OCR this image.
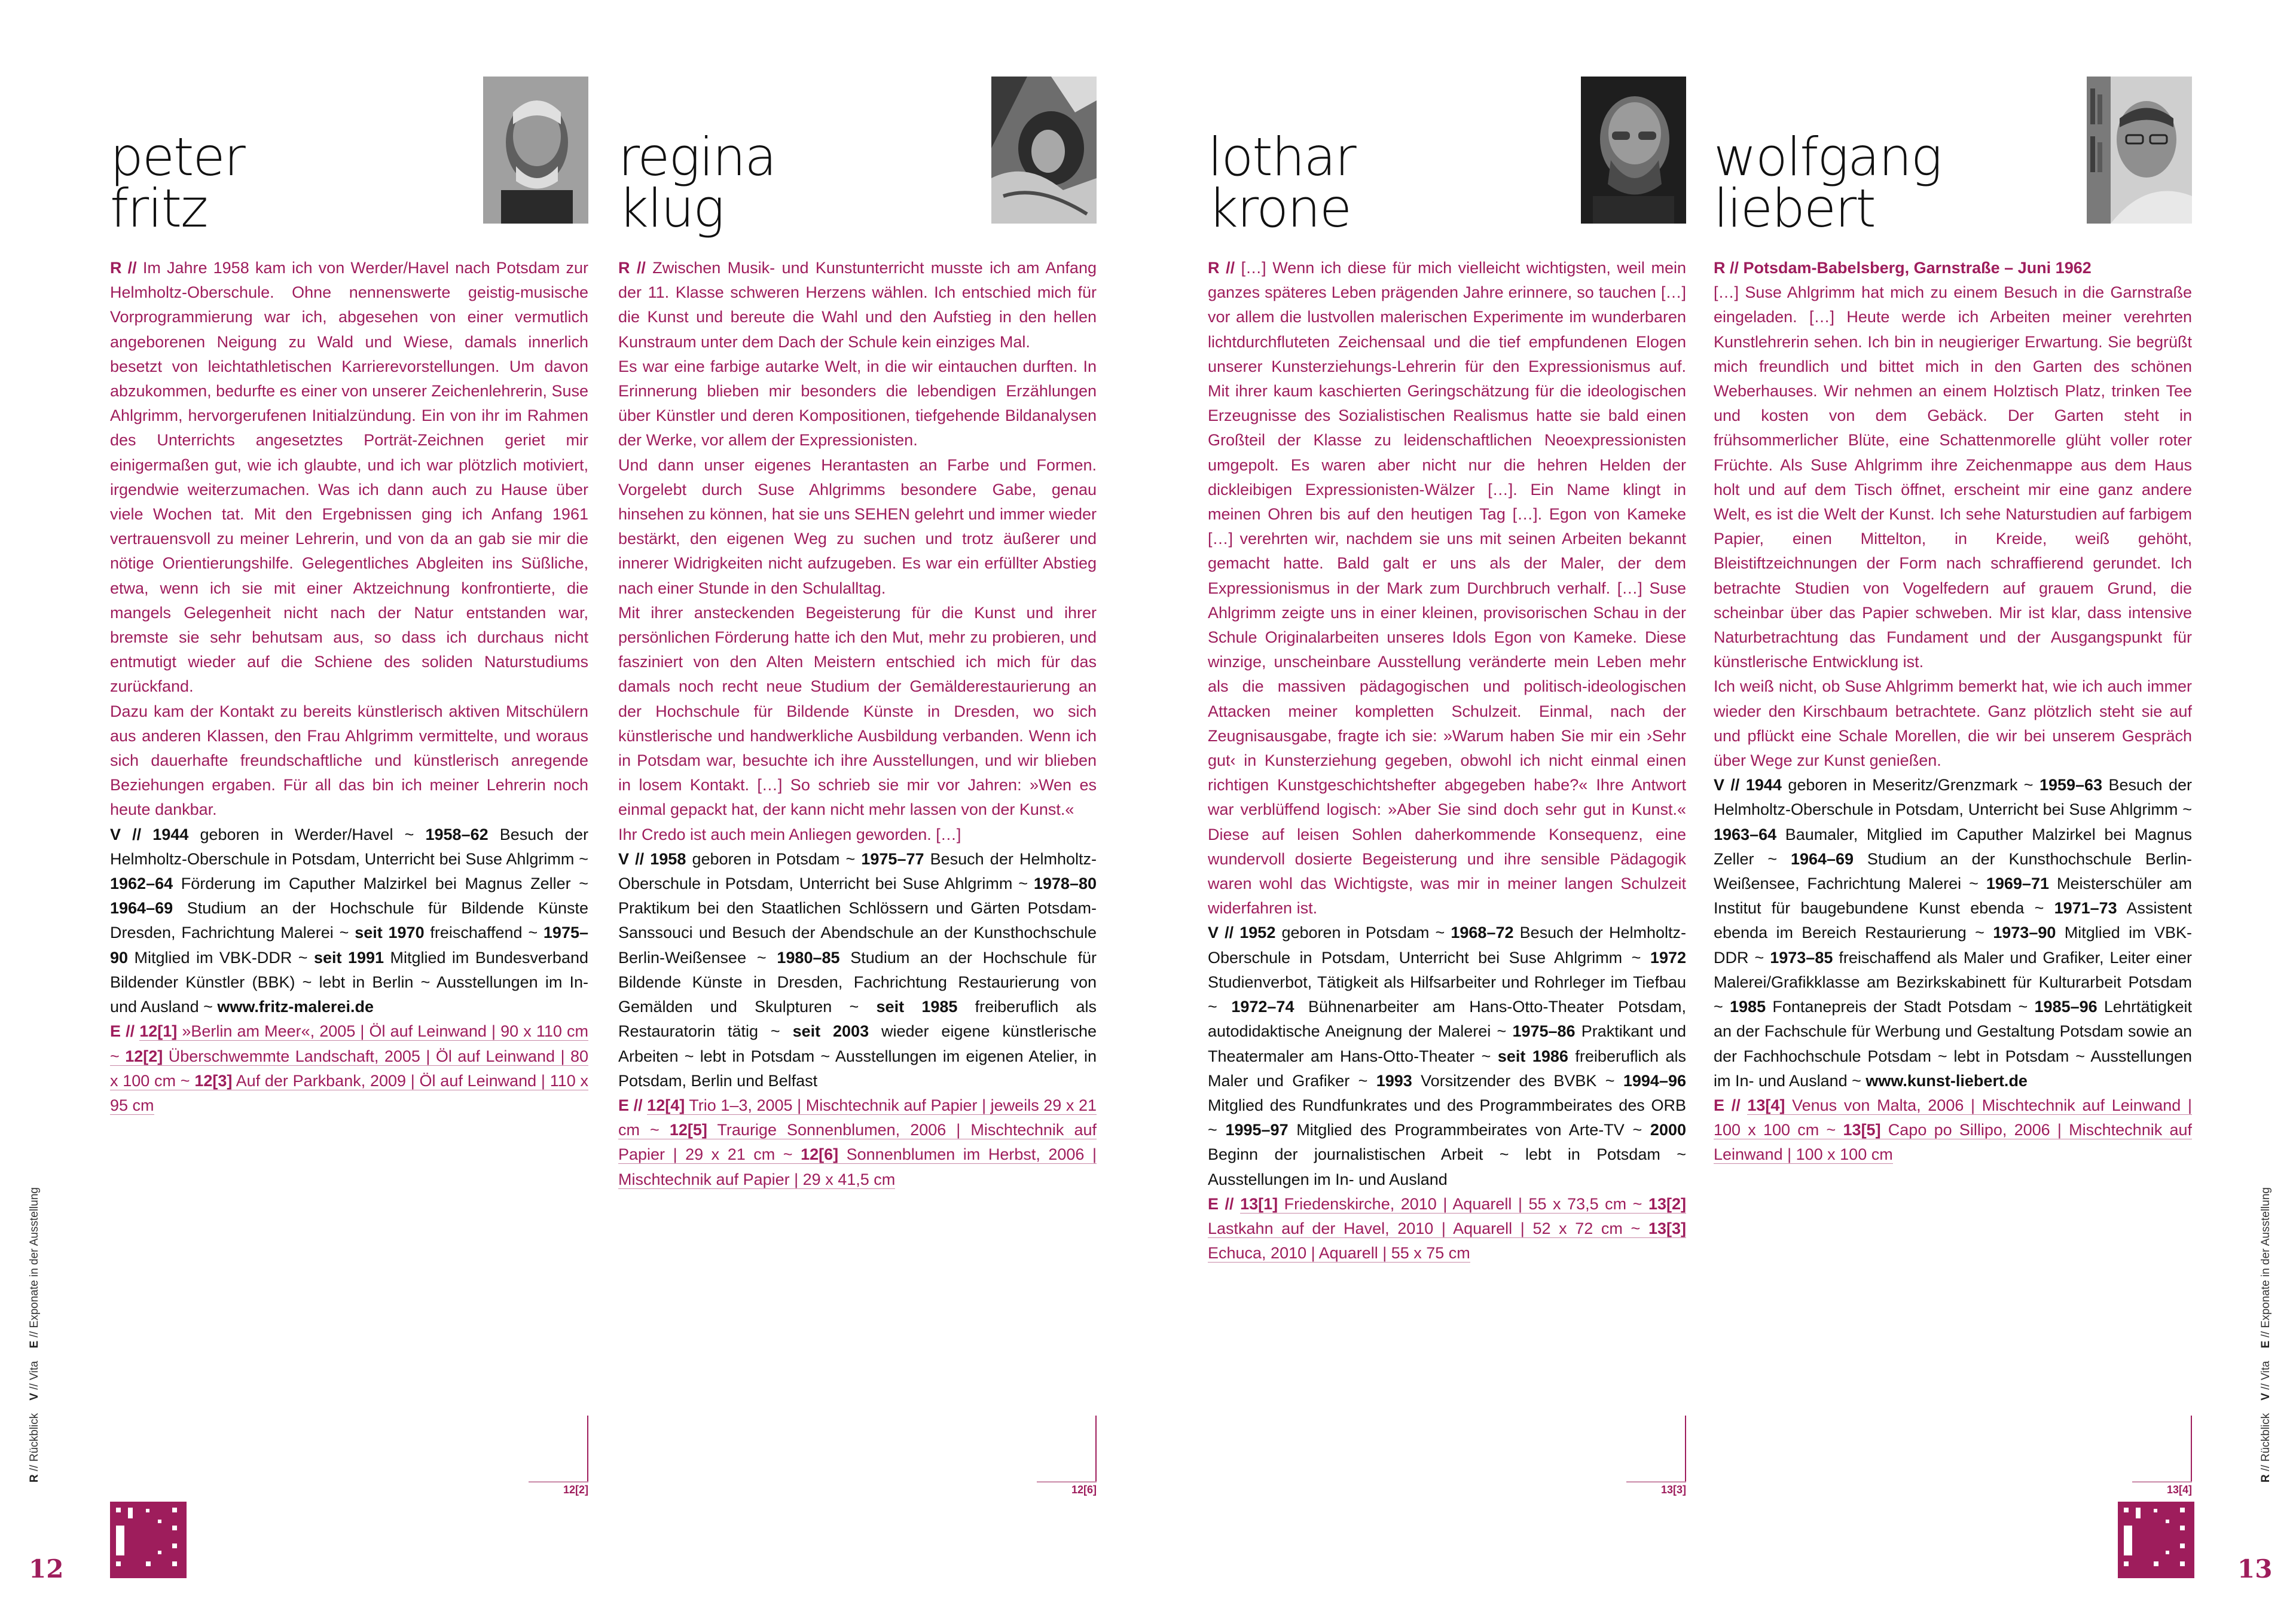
peter
fritz

R // Im Jahre 1958 kam ich von Werder/Havel nach Potsdam zur Helmholtz-Oberschule. Ohne nennenswerte geistig-musische Vorprogrammierung war ich, abgesehen von einer vermutlich angeborenen Neigung zu Wald und Wiese, damals innerlich besetzt von leichtathletischen Karrierevorstellungen. Um davon abzukommen, bedurfte es einer von unserer Zeichenlehrerin, Suse Ahlgrimm, hervorgerufenen Initialzündung. Ein von ihr im Rahmen des Unterrichts angesetztes Porträt-Zeichnen geriet mir einigermaßen gut, wie ich glaubte, und ich war plötzlich motiviert, irgendwie weiterzumachen. Was ich dann auch zu Hause über viele Wochen tat. Mit den Ergebnissen ging ich Anfang 1961 vertrauensvoll zu meiner Lehrerin, und von da an gab sie mir die nötige Orientierungshilfe. Gelegentliches Abgleiten ins Süßliche, etwa, wenn ich sie mit einer Aktzeichnung konfrontierte, die mangels Gelegenheit nicht nach der Natur entstanden war, bremste sie sehr behutsam aus, so dass ich durchaus nicht entmutigt wieder auf die Schiene des soliden Naturstudiums zurückfand.

Dazu kam der Kontakt zu bereits künstlerisch aktiven Mitschülern aus anderen Klassen, den Frau Ahlgrimm vermittelte, und woraus sich dauerhafte freundschaftliche und künstlerisch anregende Beziehungen ergaben. Für all das bin ich meiner Lehrerin noch heute dankbar.

V // 1944 geboren in Werder/Havel ~ 1958–62 Besuch der Helmholtz-Oberschule in Potsdam, Unterricht bei Suse Ahlgrimm ~ 1962–64 Förderung im Caputher Malzirkel bei Magnus Zeller ~ 1964–69 Studium an der Hochschule für Bildende Künste Dresden, Fachrichtung Malerei ~ seit 1970 freischaffend ~ 1975–90 Mitglied im VBK-DDR ~ seit 1991 Mitglied im Bundesverband Bildender Künstler (BBK) ~ lebt in Berlin ~ Ausstellungen im In- und Ausland ~ www.fritz-malerei.de

E // 12[1] »Berlin am Meer«, 2005 | Öl auf Leinwand | 90 x 110 cm ~ 12[2] Überschwemmte Landschaft, 2005 | Öl auf Leinwand | 80 x 100 cm ~ 12[3] Auf der Parkbank, 2009 | Öl auf Leinwand | 110 x 95 cm

regina
klug

R // Zwischen Musik- und Kunstunterricht musste ich am Anfang der 11. Klasse schweren Herzens wählen. Ich entschied mich für die Kunst und bereute die Wahl und den Aufstieg in den hellen Kunstraum unter dem Dach der Schule kein einziges Mal.

Es war eine farbige autarke Welt, in die wir eintauchen durften. In Erinnerung blieben mir besonders die lebendigen Erzählungen über Künstler und deren Kompositionen, tiefgehende Bildanalysen der Werke, vor allem der Expressionisten.

Und dann unser eigenes Herantasten an Farbe und Formen. Vorgelebt durch Suse Ahlgrimms besondere Gabe, genau hinsehen zu können, hat sie uns SEHEN gelehrt und immer wieder bestärkt, den eigenen Weg zu suchen und trotz äußerer und innerer Widrigkeiten nicht aufzugeben. Es war ein erfüllter Abstieg nach einer Stunde in den Schulalltag.

Mit ihrer ansteckenden Begeisterung für die Kunst und ihrer persönlichen Förderung hatte ich den Mut, mehr zu probieren, und fasziniert von den Alten Meistern entschied ich mich für das damals noch recht neue Studium der Gemälderestaurierung an der Hochschule für Bildende Künste in Dresden, wo sich künstlerische und handwerkliche Ausbildung verbanden. Wenn ich in Potsdam war, besuchte ich ihre Ausstellungen, und wir blieben in losem Kontakt. […] So schrieb sie mir vor Jahren: »Wen es einmal gepackt hat, der kann nicht mehr lassen von der Kunst.«

Ihr Credo ist auch mein Anliegen geworden. […]

V // 1958 geboren in Potsdam ~ 1975–77 Besuch der Helmholtz-Oberschule in Potsdam, Unterricht bei Suse Ahlgrimm ~ 1978–80 Praktikum bei den Staatlichen Schlössern und Gärten Potsdam-Sanssouci und Besuch der Abendschule an der Kunsthochschule Berlin-Weißensee ~ 1980–85 Studium an der Hochschule für Bildende Künste in Dresden, Fachrichtung Restaurierung von Gemälden und Skulpturen ~ seit 1985 freiberuflich als Restauratorin tätig ~ seit 2003 wieder eigene künstlerische Arbeiten ~ lebt in Potsdam ~ Ausstellungen im eigenen Atelier, in Potsdam, Berlin und Belfast

E // 12[4] Trio 1–3, 2005 | Mischtechnik auf Papier | jeweils 29 x 21 cm ~ 12[5] Traurige Sonnenblumen, 2006 | Mischtechnik auf Papier | 29 x 21 cm ~ 12[6] Sonnenblumen im Herbst, 2006 | Mischtechnik auf Papier | 29 x 41,5 cm

lothar
krone

R // […] Wenn ich diese für mich vielleicht wichtigsten, weil mein ganzes späteres Leben prägenden Jahre erinnere, so tauchen […] vor allem die lustvollen malerischen Experimente im wunderbaren lichtdurchfluteten Zeichensaal und die tief empfundenen Elogen unserer Kunsterziehungs-Lehrerin für den Expressionismus auf. Mit ihrer kaum kaschierten Geringschätzung für die ideologischen Erzeugnisse des Sozialistischen Realismus hatte sie bald einen Großteil der Klasse zu leidenschaftlichen Neoexpressionisten umgepolt. Es waren aber nicht nur die hehren Helden der dickleibigen Expressionisten-Wälzer […]. Ein Name klingt in meinen Ohren bis auf den heutigen Tag […]. Egon von Kameke […] verehrten wir, nachdem sie uns mit seinen Arbeiten bekannt gemacht hatte. Bald galt er uns als der Maler, der dem Expressionismus in der Mark zum Durchbruch verhalf. […] Suse Ahlgrimm zeigte uns in einer kleinen, provisorischen Schau in der Schule Originalarbeiten unseres Idols Egon von Kameke. Diese winzige, unscheinbare Ausstellung veränderte mein Leben mehr als die massiven pädagogischen und politisch-ideologischen Attacken meiner kompletten Schulzeit. Einmal, nach der Zeugnisausgabe, fragte ich sie: »Warum haben Sie mir ein ›Sehr gut‹ in Kunsterziehung gegeben, obwohl ich nicht einmal einen richtigen Kunstgeschichtshefter abgegeben habe?« Ihre Antwort war verblüffend logisch: »Aber Sie sind doch sehr gut in Kunst.« Diese auf leisen Sohlen daherkommende Konsequenz, eine wundervoll dosierte Begeisterung und ihre sensible Pädagogik waren wohl das Wichtigste, was mir in meiner langen Schulzeit widerfahren ist.

V // 1952 geboren in Potsdam ~ 1968–72 Besuch der Helmholtz-Oberschule in Potsdam, Unterricht bei Suse Ahlgrimm ~ 1972 Studienverbot, Tätigkeit als Hilfsarbeiter und Rohrleger im Tiefbau ~ 1972–74 Bühnenarbeiter am Hans-Otto-Theater Potsdam, autodidaktische Aneignung der Malerei ~ 1975–86 Praktikant und Theatermaler am Hans-Otto-Theater ~ seit 1986 freiberuflich als Maler und Grafiker ~ 1993 Vorsitzender des BVBK ~ 1994–96 Mitglied des Rundfunkrates und des Programmbeirates des ORB ~ 1995–97 Mitglied des Programmbeirates von Arte-TV ~ 2000 Beginn der journalistischen Arbeit ~ lebt in Potsdam ~ Ausstellungen im In- und Ausland

E // 13[1] Friedenskirche, 2010 | Aquarell | 55 x 73,5 cm ~ 13[2] Lastkahn auf der Havel, 2010 | Aquarell | 52 x 72 cm ~ 13[3] Echuca, 2010 | Aquarell | 55 x 75 cm

wolfgang
liebert

R // Potsdam-Babelsberg, Garnstraße – Juni 1962

[…] Suse Ahlgrimm hat mich zu einem Besuch in die Garnstraße eingeladen. […] Heute werde ich Arbeiten meiner verehrten Kunstlehrerin sehen. Ich bin in neugieriger Erwartung. Sie begrüßt mich freundlich und bittet mich in den Garten des schönen Weberhauses. Wir nehmen an einem Holztisch Platz, trinken Tee und kosten von dem Gebäck. Der Garten steht in frühsommerlicher Blüte, eine Schattenmorelle glüht voller roter Früchte. Als Suse Ahlgrimm ihre Zeichenmappe aus dem Haus holt und auf dem Tisch öffnet, erscheint mir eine ganz andere Welt, es ist die Welt der Kunst. Ich sehe Naturstudien auf farbigem Papier, einen Mittelton, in Kreide, weiß gehöht, Bleistiftzeichnungen der Form nach schraffierend gerundet. Ich betrachte Studien von Vogelfedern auf grauem Grund, die scheinbar über das Papier schweben. Mir ist klar, dass intensive Naturbetrachtung das Fundament und der Ausgangspunkt für künstlerische Entwicklung ist.

Ich weiß nicht, ob Suse Ahlgrimm bemerkt hat, wie ich auch immer wieder den Kirschbaum betrachtete. Ganz plötzlich steht sie auf und pflückt eine Schale Morellen, die wir bei unserem Gespräch über Wege zur Kunst genießen.

V // 1944 geboren in Meseritz/Grenzmark ~ 1959–63 Besuch der Helmholtz-Oberschule in Potsdam, Unterricht bei Suse Ahlgrimm ~ 1963–64 Baumaler, Mitglied im Caputher Malzirkel bei Magnus Zeller ~ 1964–69 Studium an der Kunsthochschule Berlin-Weißensee, Fachrichtung Malerei ~ 1969–71 Meisterschüler am Institut für baugebundene Kunst ebenda ~ 1971–73 Assistent ebenda im Bereich Restaurierung ~ 1973–90 Mitglied im VBK-DDR ~ 1973–85 freischaffend als Maler und Grafiker, Leiter einer Malerei/Grafikklasse am Bezirkskabinett für Kulturarbeit Potsdam ~ 1985 Fontanepreis der Stadt Potsdam ~ 1985–96 Lehrtätigkeit an der Fachschule für Werbung und Gestaltung Potsdam sowie an der Fachhochschule Potsdam ~ lebt in Potsdam ~ Ausstellungen im In- und Ausland ~ www.kunst-liebert.de

E // 13[4] Venus von Malta, 2006 | Mischtechnik auf Leinwand | 100 x 100 cm ~ 13[5] Capo po Sillipo, 2006 | Mischtechnik auf Leinwand | 100 x 100 cm

12[2]	12[6]	13[3]	13[4]
R // Rückblick    V // Vita    E // Exponate in der Ausstellung
R // Rückblick    V // Vita    E // Exponate in der Ausstellung
12	13
